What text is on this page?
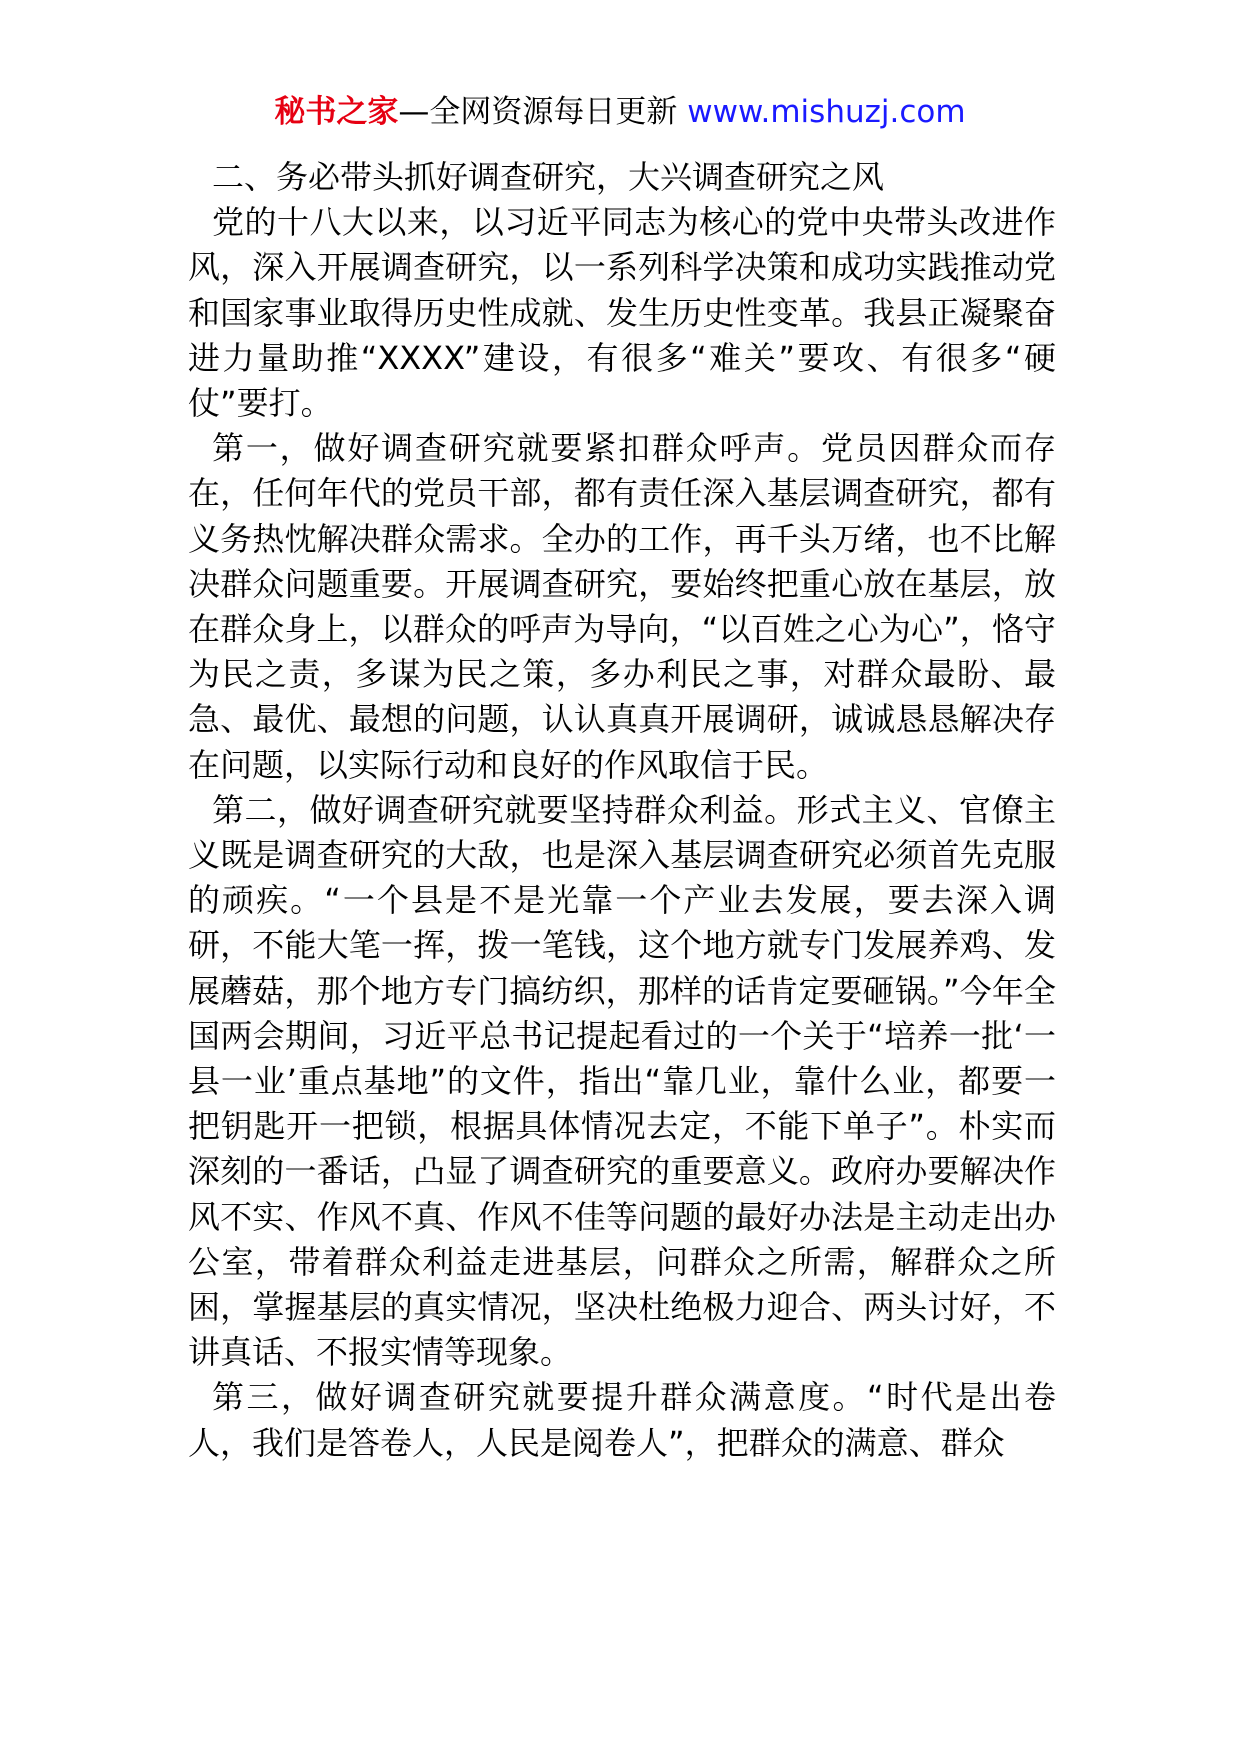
秘书之家—全网资源每日更新 www.mishuzj.com

二、务必带头抓好调查研究，大兴调查研究之风

党的十八大以来，以习近平同志为核心的党中央带头改进作风，深入开展调查研究，以一系列科学决策和成功实践推动党和国家事业取得历史性成就、发生历史性变革。我县正凝聚奋进力量助推“XXXX”建设，有很多“难关”要攻、有很多“硬仗”要打。

第一，做好调查研究就要紧扣群众呼声。党员因群众而存在，任何年代的党员干部，都有责任深入基层调查研究，都有义务热忱解决群众需求。全办的工作，再千头万绪，也不比解决群众问题重要。开展调查研究，要始终把重心放在基层，放在群众身上，以群众的呼声为导向，“以百姓之心为心”，恪守为民之责，多谋为民之策，多办利民之事，对群众最盼、最急、最优、最想的问题，认认真真开展调研，诚诚恳恳解决存在问题，以实际行动和良好的作风取信于民。

第二，做好调查研究就要坚持群众利益。形式主义、官僚主义既是调查研究的大敌，也是深入基层调查研究必须首先克服的顽疾。“一个县是不是光靠一个产业去发展，要去深入调研，不能大笔一挥，拨一笔钱，这个地方就专门发展养鸡、发展蘑菇，那个地方专门搞纺织，那样的话肯定要砸锅。”今年全国两会期间，习近平总书记提起看过的一个关于“培养一批‘一县一业’重点基地”的文件，指出“靠几业，靠什么业，都要一把钥匙开一把锁，根据具体情况去定，不能下单子”。朴实而深刻的一番话，凸显了调查研究的重要意义。政府办要解决作风不实、作风不真、作风不佳等问题的最好办法是主动走出办公室，带着群众利益走进基层，问群众之所需，解群众之所困，掌握基层的真实情况，坚决杜绝极力迎合、两头讨好，不讲真话、不报实情等现象。

第三，做好调查研究就要提升群众满意度。“时代是出卷人，我们是答卷人，人民是阅卷人”，把群众的满意、群众
